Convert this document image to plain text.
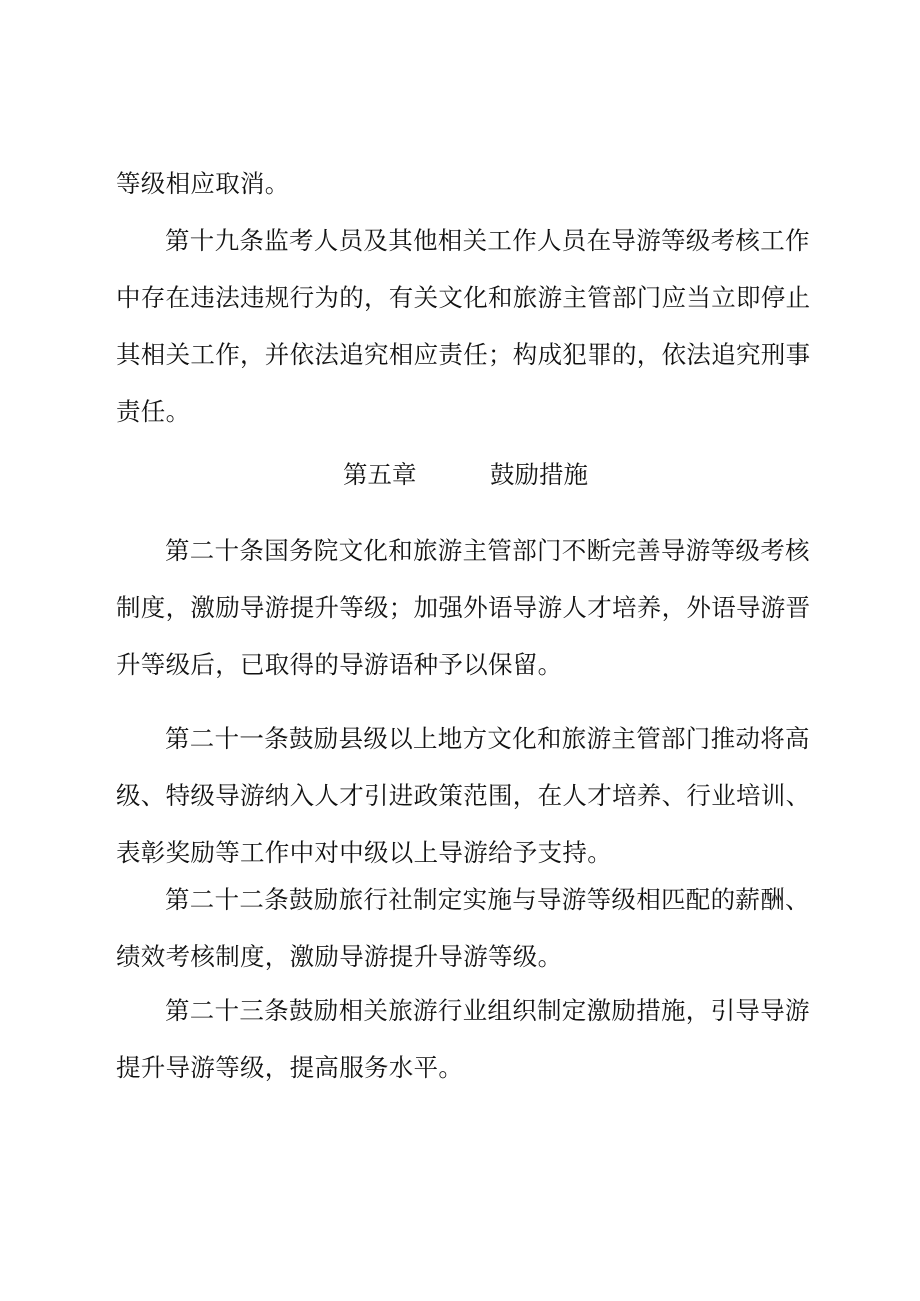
等级相应取消。
第十九条监考人员及其他相关工作人员在导游等级考核工作
中存在违法违规行为的，有关文化和旅游主管部门应当立即停止
其相关工作，并依法追究相应责任；构成犯罪的，依法追究刑事
责任。
第五章	鼓励措施
第二十条国务院文化和旅游主管部门不断完善导游等级考核
制度，激励导游提升等级；加强外语导游人才培养，外语导游晋
升等级后，已取得的导游语种予以保留。
第二十一条鼓励县级以上地方文化和旅游主管部门推动将高
级、特级导游纳入人才引进政策范围，在人才培养、行业培训、
表彰奖励等工作中对中级以上导游给予支持。
第二十二条鼓励旅行社制定实施与导游等级相匹配的薪酬、
绩效考核制度，激励导游提升导游等级。
第二十三条鼓励相关旅游行业组织制定激励措施，引导导游
提升导游等级，提高服务水平。
